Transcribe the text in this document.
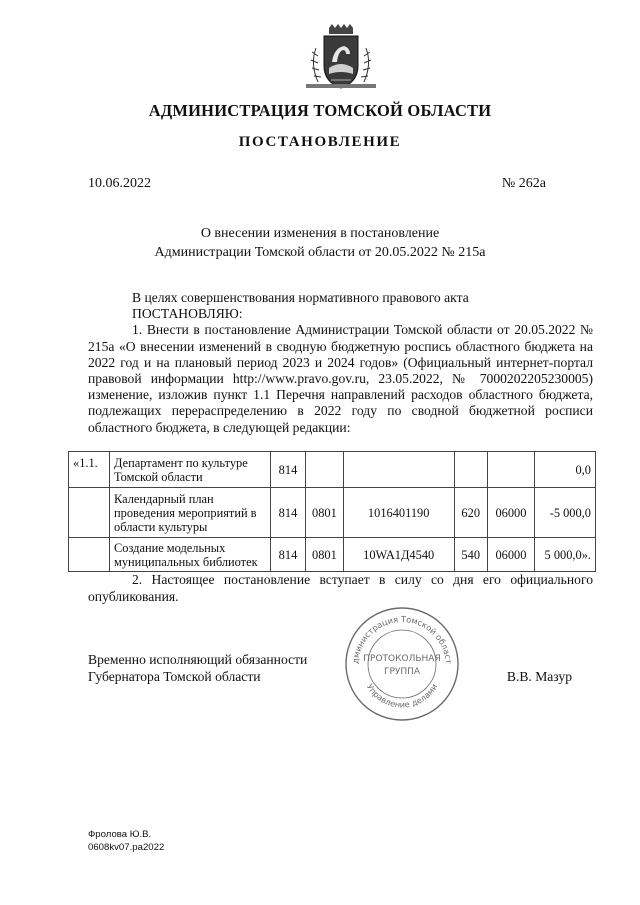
АДМИНИСТРАЦИЯ ТОМСКОЙ ОБЛАСТИ
ПОСТАНОВЛЕНИЕ
10.06.2022	№ 262а
О внесении изменения в постановление
Администрации Томской области от 20.05.2022 № 215а

В целях совершенствования нормативного правового акта

ПОСТАНОВЛЯЮ:

1. Внести в постановление Администрации Томской области от 20.05.2022 № 215а «О внесении изменений в сводную бюджетную роспись областного бюджета на 2022 год и на плановый период 2023 и 2024 годов» (Официальный интернет-портал правовой информации http://www.pravo.gov.ru, 23.05.2022, № 7000202205230005) изменение, изложив пункт 1.1 Перечня направлений расходов областного бюджета, подлежащих перераспределению в 2022 году по сводной бюджетной росписи областного бюджета, в следующей редакции:

«1.1.	Департамент по культуре Томской области	814					0,0
	Календарный план проведения мероприятий в области культуры	814	0801	1016401190	620	06000	-5 000,0
	Создание модельных муниципальных библиотек	814	0801	10WA1Д4540	540	06000	5 000,0».
2. Настоящее постановление вступает в силу со дня его официального опубликования.
Временно исполняющий обязанности
Губернатора Томской области	В.В. Мазур
дминистрация Томской област
Управление делами
ПРОТОКОЛЬНАЯ
ГРУППА
Фролова Ю.В.
0608kv07.pa2022
